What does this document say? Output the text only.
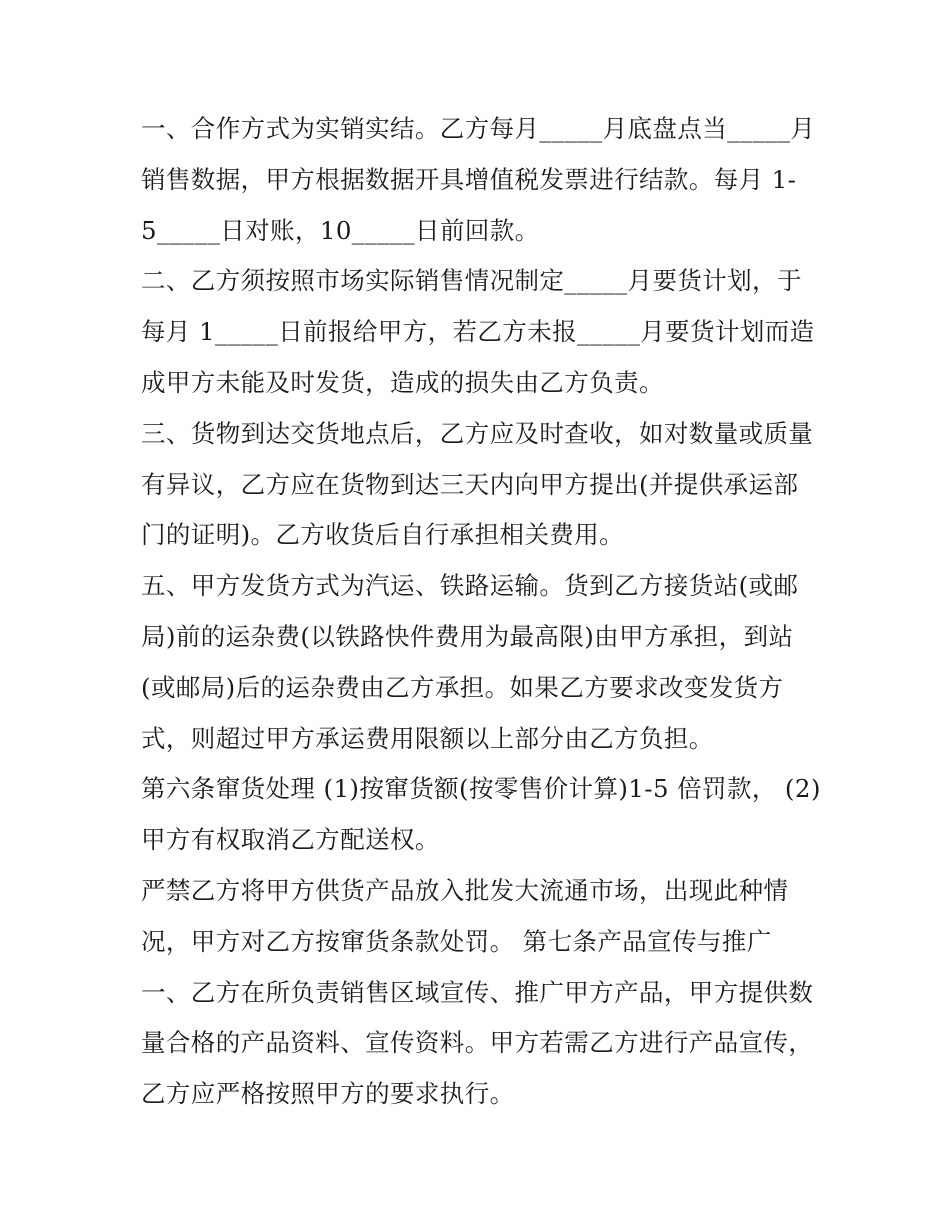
一、合作方式为实销实结。乙方每月_____月底盘点当_____月
销售数据，甲方根据数据开具增值税发票进行结款。每月 1-
5_____日对账，10_____日前回款。

二、乙方须按照市场实际销售情况制定_____月要货计划，于
每月 1_____日前报给甲方，若乙方未报_____月要货计划而造
成甲方未能及时发货，造成的损失由乙方负责。

三、货物到达交货地点后，乙方应及时查收，如对数量或质量
有异议，乙方应在货物到达三天内向甲方提出(并提供承运部
门的证明)。乙方收货后自行承担相关费用。

五、甲方发货方式为汽运、铁路运输。货到乙方接货站(或邮
局)前的运杂费(以铁路快件费用为最高限)由甲方承担，到站
(或邮局)后的运杂费由乙方承担。如果乙方要求改变发货方
式，则超过甲方承运费用限额以上部分由乙方负担。

第六条窜货处理 (1)按窜货额(按零售价计算)1-5 倍罚款， (2)
甲方有权取消乙方配送权。

严禁乙方将甲方供货产品放入批发大流通市场，出现此种情
况，甲方对乙方按窜货条款处罚。 第七条产品宣传与推广

一、乙方在所负责销售区域宣传、推广甲方产品，甲方提供数
量合格的产品资料、宣传资料。甲方若需乙方进行产品宣传，
乙方应严格按照甲方的要求执行。
